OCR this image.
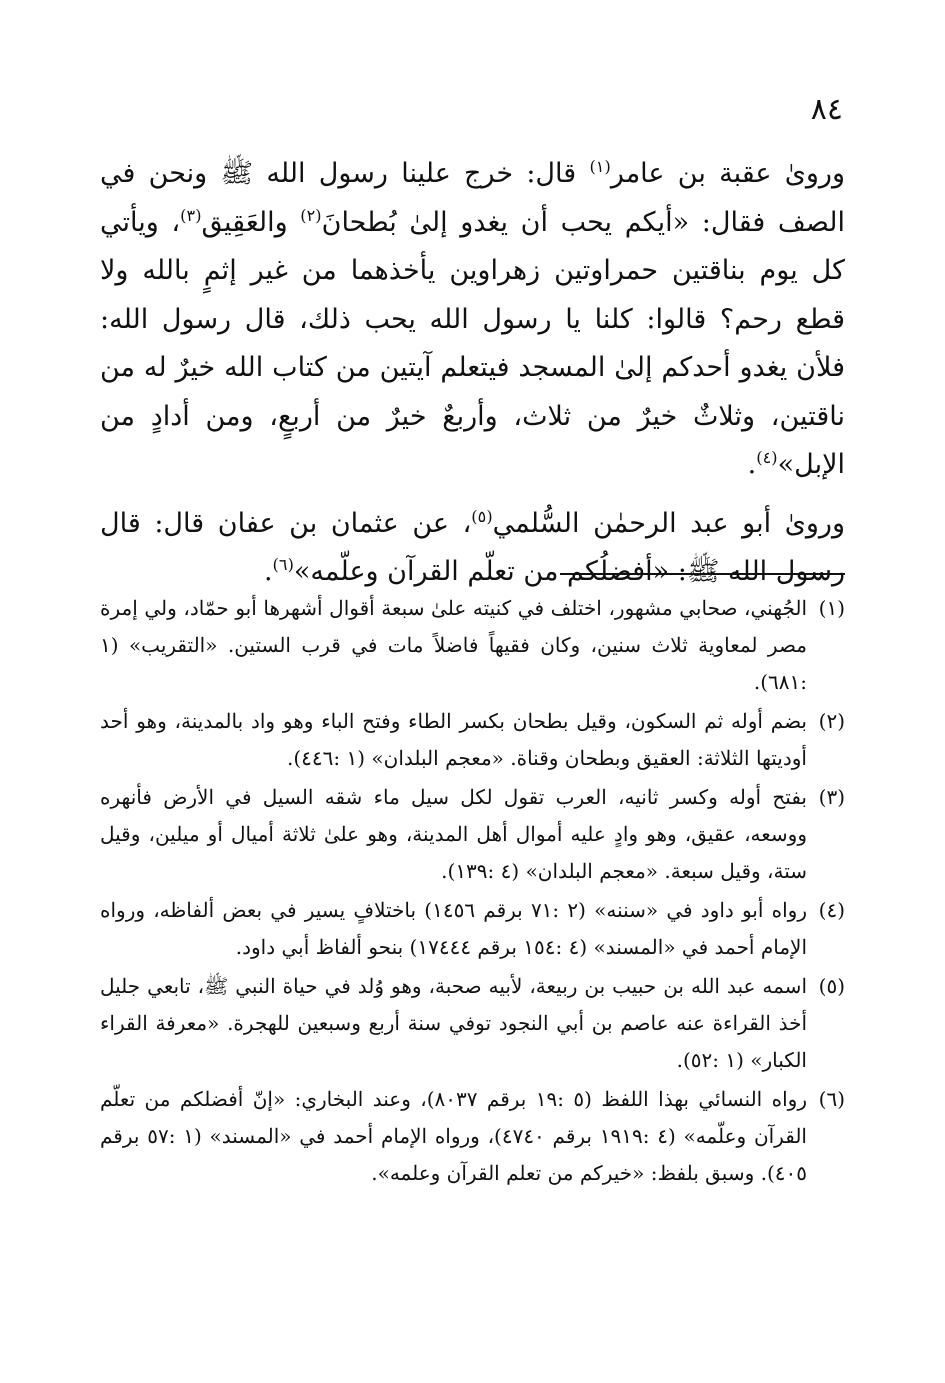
٨٤

وروىٰ عقبة بن عامر$^{(١)}$ قال: خرج علينا رسول الله ﷺ ونحن في الصف فقال: «أيكم يحب أن يغدو إلىٰ بُطحانَ$^{(٢)}$ والعَقِيق$^{(٣)}$، ويأتي كل يوم بناقتين حمراوتين زهراوين يأخذهما من غير إثمٍ بالله ولا قطع رحم؟ قالوا: كلنا يا رسول الله يحب ذلك، قال رسول الله: فلأن يغدو أحدكم إلىٰ المسجد فيتعلم آيتين من كتاب الله خيرٌ له من ناقتين، وثلاثٌ خيرٌ من ثلاث، وأربعٌ خيرٌ من أربعٍ، ومن أدادٍ من الإبل»$^{(٤)}$.

وروىٰ أبو عبد الرحمٰن السُّلمي$^{(٥)}$، عن عثمان بن عفان قال: قال رسول الله ﷺ: «أفضلُكم من تعلّم القرآن وعلّمه»$^{(٦)}$.

(١)
الجُهني، صحابي مشهور، اختلف في كنيته علىٰ سبعة أقوال أشهرها أبو حمّاد، ولي إمرة مصر لمعاوية ثلاث سنين، وكان فقيهاً فاضلاً مات في قرب الستين. «التقريب» (١ :٦٨١).
(٢)
بضم أوله ثم السكون، وقيل بطحان بكسر الطاء وفتح الباء وهو واد بالمدينة، وهو أحد أوديتها الثلاثة: العقيق وبطحان وقناة. «معجم البلدان» (١ :٤٤٦).
(٣)
بفتح أوله وكسر ثانيه، العرب تقول لكل سيل ماء شقه السيل في الأرض فأنهره ووسعه، عقيق، وهو وادٍ عليه أموال أهل المدينة، وهو علىٰ ثلاثة أميال أو ميلين، وقيل ستة، وقيل سبعة. «معجم البلدان» (٤ :١٣٩).
(٤)
رواه أبو داود في «سننه» (٢ :٧١ برقم ١٤٥٦) باختلافٍ يسير في بعض ألفاظه، ورواه الإمام أحمد في «المسند» (٤ :١٥٤ برقم ١٧٤٤٤) بنحو ألفاظ أبي داود.
(٥)
اسمه عبد الله بن حبيب بن ربيعة، لأبيه صحبة، وهو وُلد في حياة النبي ﷺ، تابعي جليل أخذ القراءة عنه عاصم بن أبي النجود توفي سنة أربع وسبعين للهجرة. «معرفة القراء الكبار» (١ :٥٢).
(٦)
رواه النسائي بهذا اللفظ (٥ :١٩ برقم ٨٠٣٧)، وعند البخاري: «إنّ أفضلكم من تعلّم القرآن وعلّمه» (٤ :١٩١٩ برقم ٤٧٤٠)، ورواه الإمام أحمد في «المسند» (١ :٥٧ برقم ٤٠٥). وسبق بلفظ: «خيركم من تعلم القرآن وعلمه».
